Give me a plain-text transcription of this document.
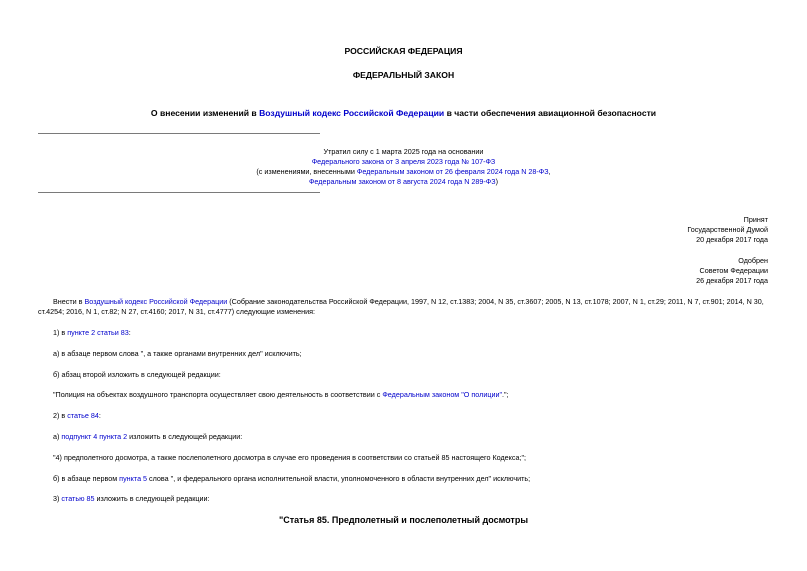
РОССИЙСКАЯ ФЕДЕРАЦИЯ
ФЕДЕРАЛЬНЫЙ ЗАКОН
О внесении изменений в Воздушный кодекс Российской Федерации в части обеспечения авиационной безопасности
Утратил силу с 1 марта 2025 года на основании
Федерального закона от 3 апреля 2023 года № 107-ФЗ
(с изменениями, внесенными Федеральным законом от 26 февраля 2024 года N 28-ФЗ,
Федеральным законом от 8 августа 2024 года N 289-ФЗ)
Принят
Государственной Думой
20 декабря 2017 года
Одобрен
Советом Федерации
26 декабря 2017 года
Внести в Воздушный кодекс Российской Федерации (Собрание законодательства Российской Федерации, 1997, N 12, ст.1383; 2004, N 35, ст.3607; 2005, N 13, ст.1078; 2007, N 1, ст.29; 2011, N 7, ст.901; 2014, N 30,
ст.4254; 2016, N 1, ст.82; N 27, ст.4160; 2017, N 31, ст.4777) следующие изменения:
1) в пункте 2 статьи 83:
а) в абзаце первом слова ", а также органами внутренних дел" исключить;
б) абзац второй изложить в следующей редакции:
"Полиция на объектах воздушного транспорта осуществляет свою деятельность в соответствии с Федеральным законом "О полиции".";
2) в статье 84:
а) подпункт 4 пункта 2 изложить в следующей редакции:
"4) предполетного досмотра, а также послеполетного досмотра в случае его проведения в соответствии со статьей 85 настоящего Кодекса;";
б) в абзаце первом пункта 5 слова ", и федерального органа исполнительной власти, уполномоченного в области внутренних дел" исключить;
3) статью 85 изложить в следующей редакции:
"Статья 85. Предполетный и послеполетный досмотры
